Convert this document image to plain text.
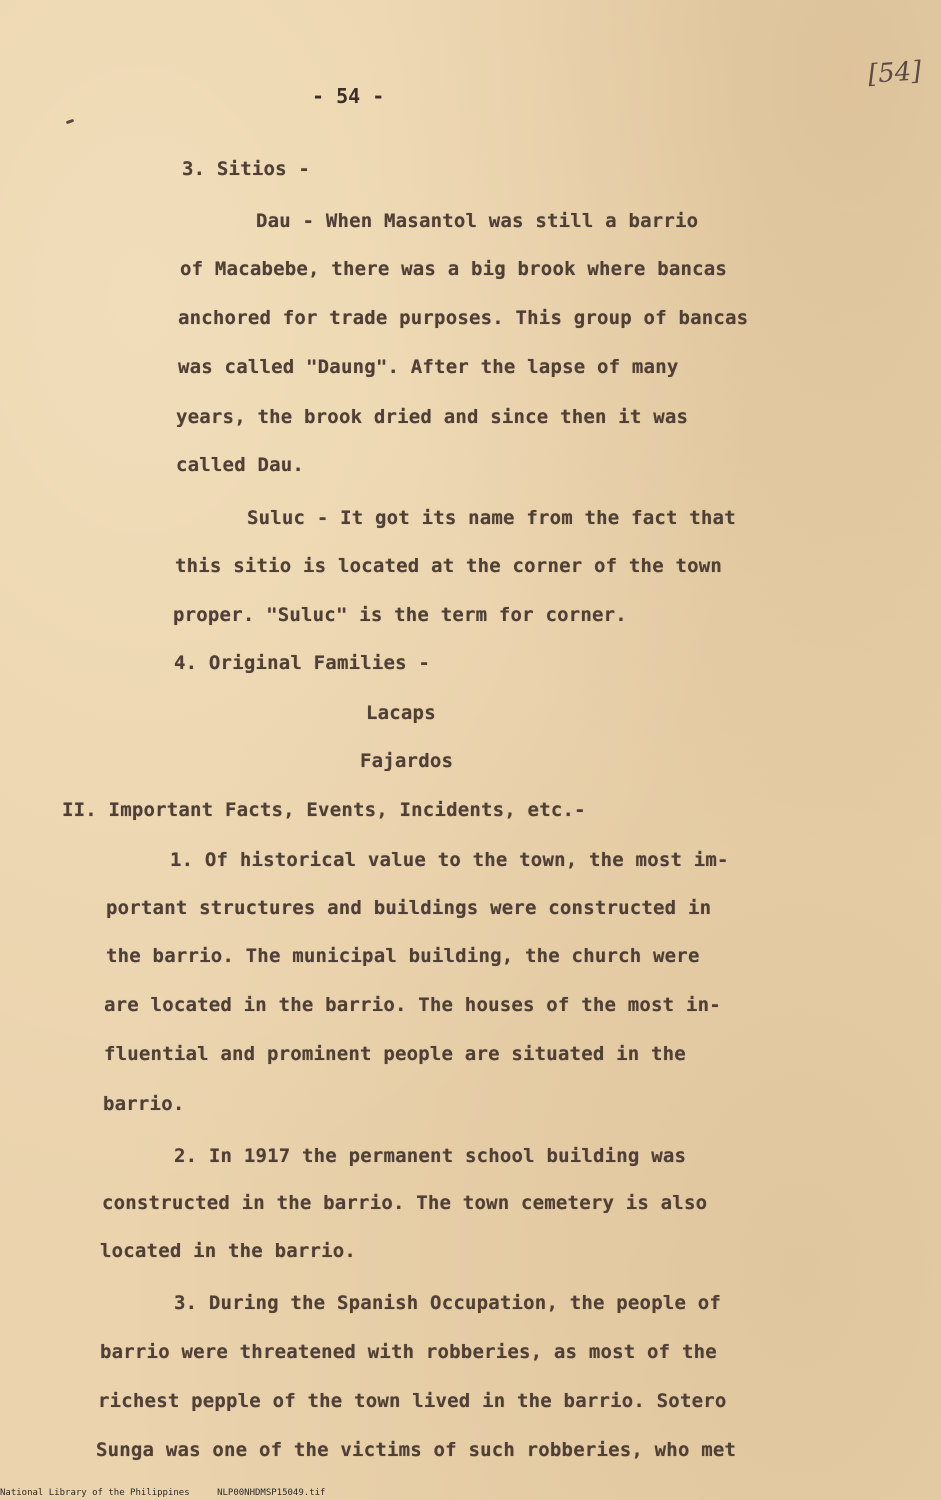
- 54 -
[54]
3. Sitios -
Dau - When Masantol was still a barrio
of Macabebe, there was a big brook where bancas
anchored for trade purposes. This group of bancas
was called "Daung". After the lapse of many
years, the brook dried and since then it was
called Dau.
Suluc - It got its name from the fact that
this sitio is located at the corner of the town
proper. "Suluc" is the term for corner.
4. Original Families -
Lacaps
Fajardos
II. Important Facts, Events, Incidents, etc.-
1. Of historical value to the town, the most im-
portant structures and buildings were constructed in
the barrio. The municipal building, the church were
are located in the barrio. The houses of the most in-
fluential and prominent people are situated in the
barrio.
2. In 1917 the permanent school building was
constructed in the barrio. The town cemetery is also
located in the barrio.
3. During the Spanish Occupation, the people of
barrio were threatened with robberies, as most of the
richest pepple of the town lived in the barrio. Sotero
Sunga was one of the victims of such robberies, who met
National Library of the Philippines	NLP00NHDMSP15049.tif
